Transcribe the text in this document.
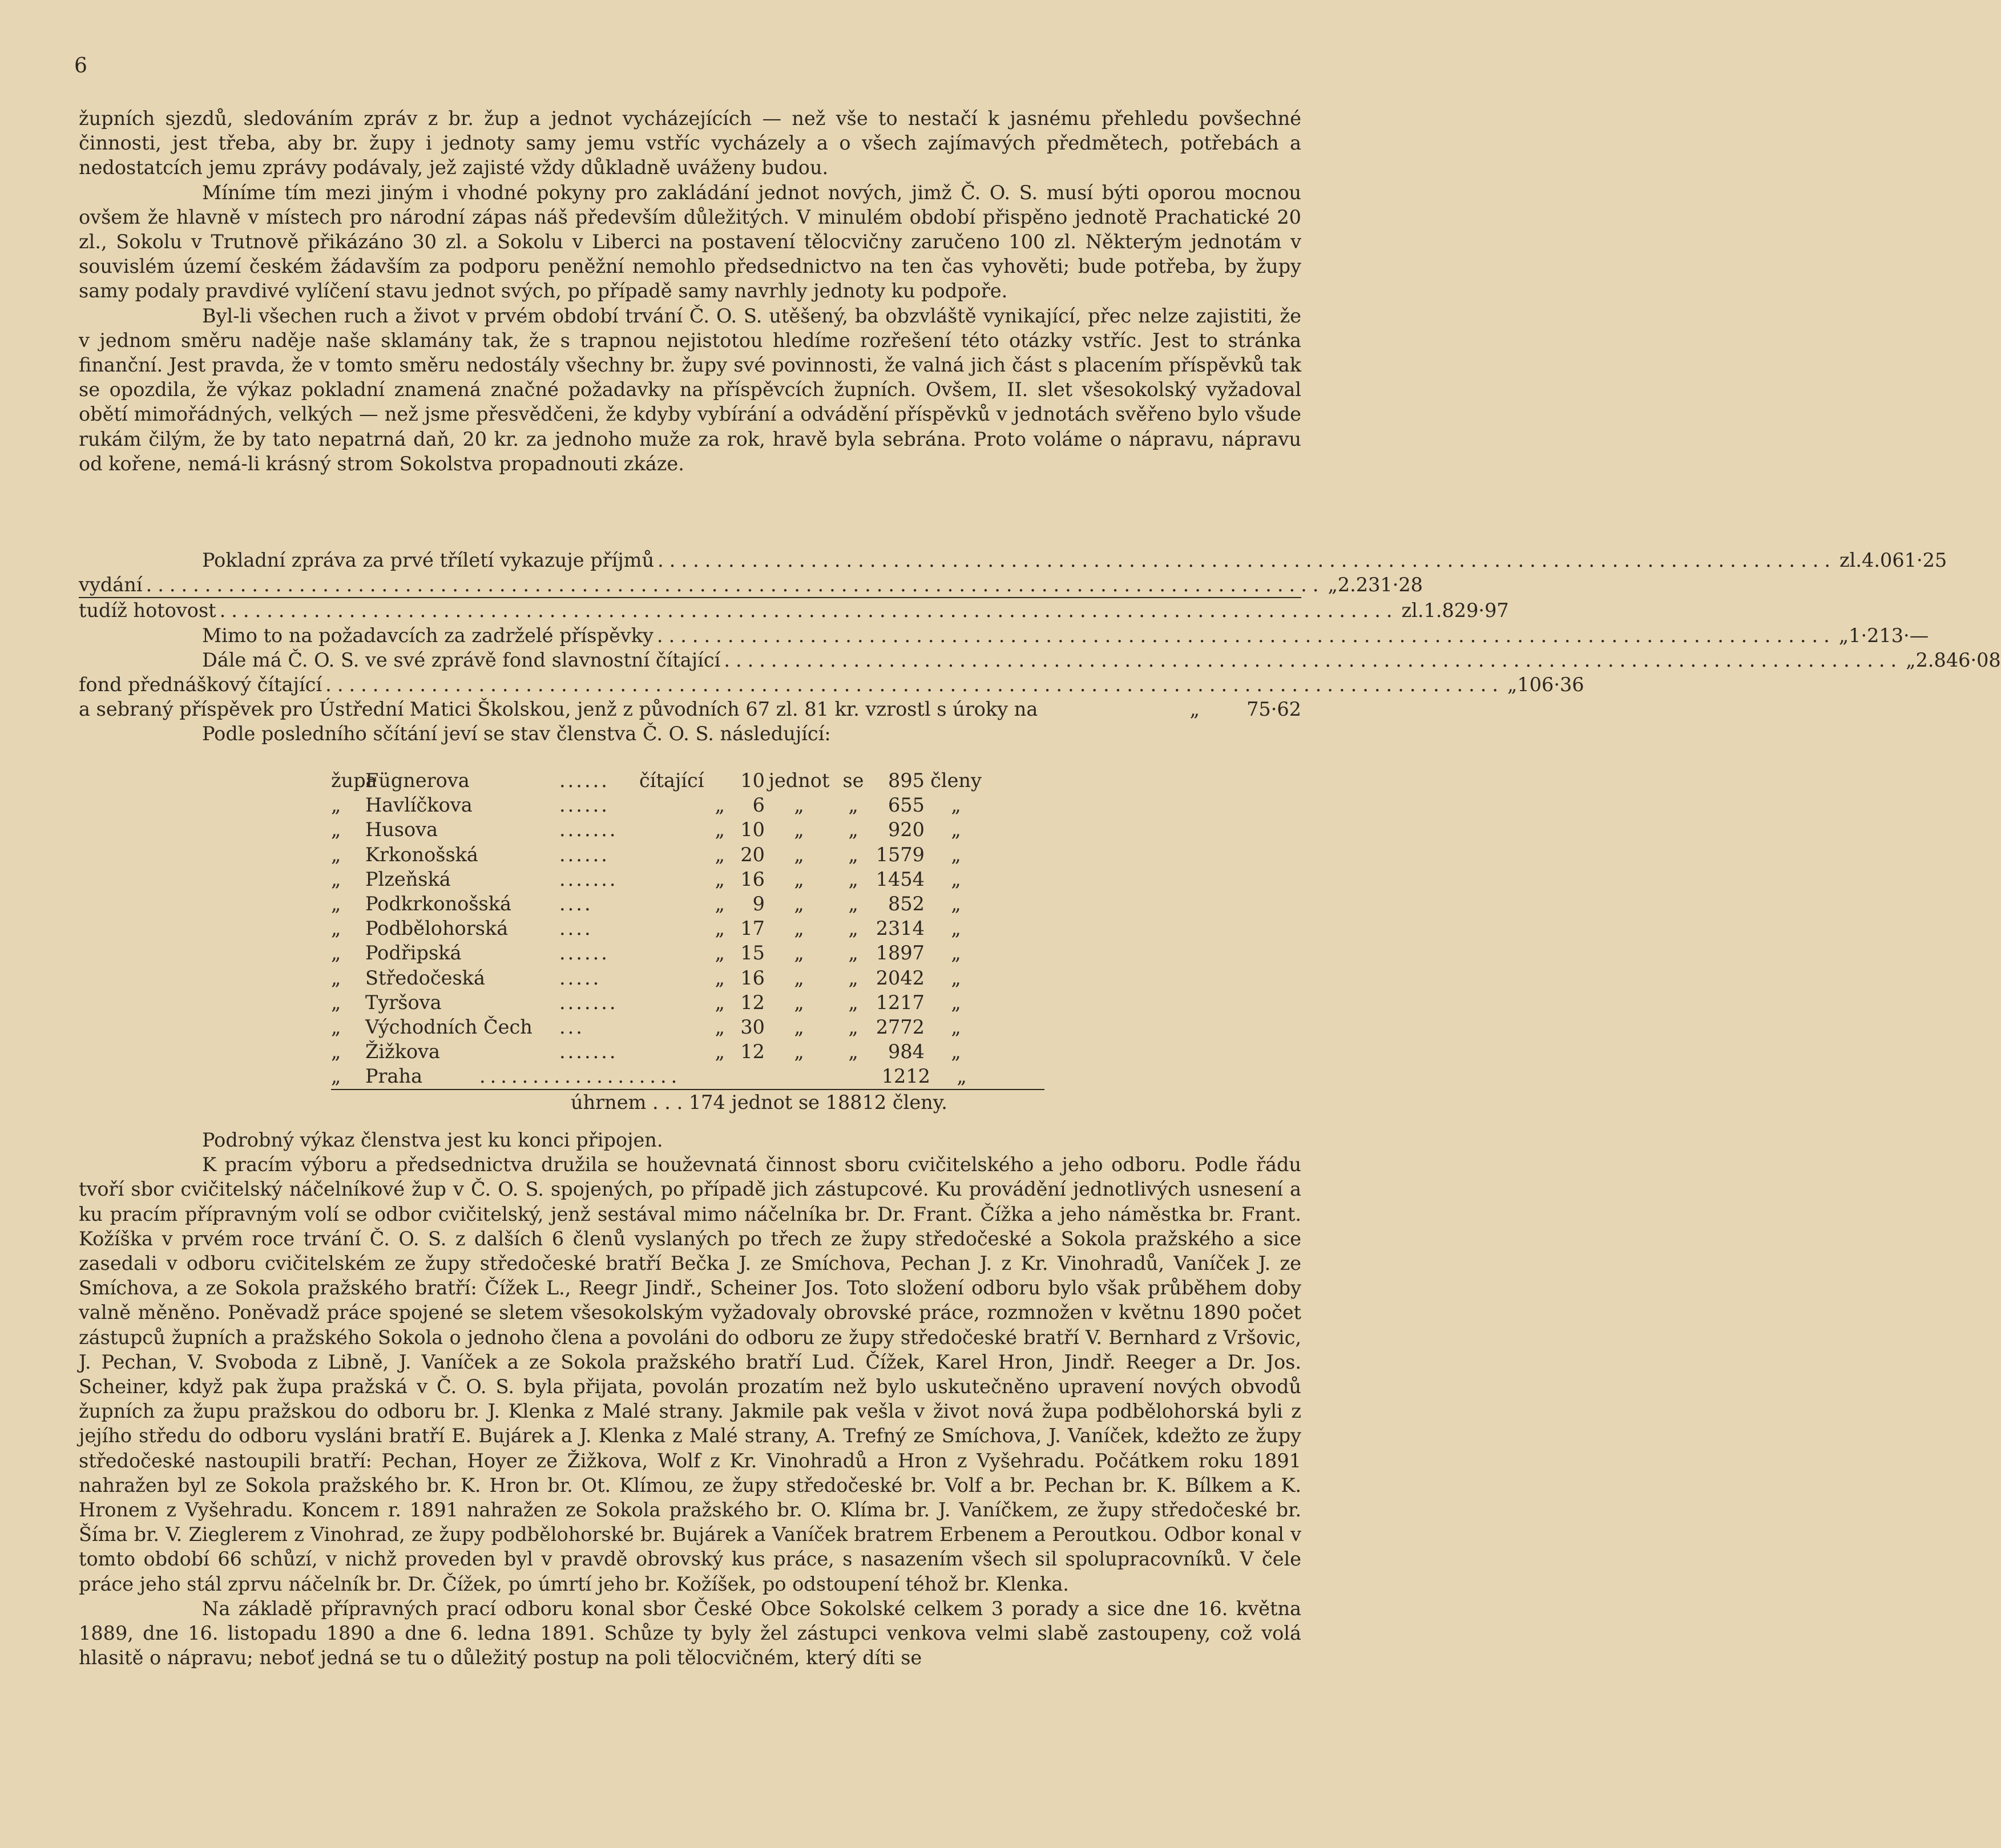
6

župních sjezdů, sledováním zpráv z br. žup a jednot vycházejících — než vše to nestačí k jasnému přehledu povšechné činnosti, jest třeba, aby br. župy i jednoty samy jemu vstříc vycházely a o všech zajímavých předmětech, potřebách a nedostatcích jemu zprávy podávaly, jež zajisté vždy důkladně uváženy budou.

Míníme tím mezi jiným i vhodné pokyny pro zakládání jednot nových, jimž Č. O. S. musí býti oporou mocnou ovšem že hlavně v místech pro národní zápas náš především důležitých. V minulém období přispěno jednotě Prachatické 20 zl., Sokolu v Trutnově přikázáno 30 zl. a Sokolu v Liberci na postavení tělocvičny zaručeno 100 zl. Některým jednotám v souvislém území českém žádavším za podporu peněžní nemohlo předsednictvo na ten čas vyhověti; bude potřeba, by župy samy podaly pravdivé vylíčení stavu jednot svých, po případě samy navrhly jednoty ku podpoře.

Byl-li všechen ruch a život v prvém období trvání Č. O. S. utěšený, ba obzvláště vynikající, přec nelze zajistiti, že v jednom směru naděje naše sklamány tak, že s trapnou nejistotou hledíme rozřešení této otázky vstříc. Jest to stránka finanční. Jest pravda, že v tomto směru nedostály všechny br. župy své povinnosti, že valná jich část s placením příspěvků tak se opozdila, že výkaz pokladní znamená značné požadavky na příspěvcích župních. Ovšem, II. slet všesokolský vyžadoval obětí mimořádných, velkých — než jsme přesvědčeni, že kdyby vybírání a odvádění příspěvků v jednotách svěřeno bylo všude rukám čilým, že by tato nepatrná daň, 20 kr. za jednoho muže za rok, hravě byla sebrána. Proto voláme o nápravu, nápravu od kořene, nemá-li krásný strom Sokolstva propadnouti zkáze.

Pokladní zpráva za prvé tříletí vykazuje příjmů .................................................................................................... zl. 4.061·25
vydání .................................................................................................... „ 2.231·28
tudíž hotovost .................................................................................................... zl. 1.829·97
Mimo to na požadavcích za zadrželé příspěvky .................................................................................................... „ 1·213·—
Dále má Č. O. S. ve své zprávě fond slavnostní čítající .................................................................................................... „ 2.846·08
fond přednáškový čítající .................................................................................................... „ 106·36
a sebraný příspěvek pro Ústřední Matici Školskou, jenž z původních 67 zl. 81 kr. vzrostl s úroky na	„	75·62
Podle posledního sčítání jeví se stav členstva Č. O. S. následující:
župa
Fügnerova	......	čítající	10 jednot se	895 členy
„	Havlíčkova	......	„	6	„	„	655	„
„	Husova	.......	„ 10	„	„	920	„
„	Krkonošská	......	„ 20	„	„ 1579	„
„	Plzeňská	.......	„ 16	„	„ 1454	„
„	Podkrkonošská	....	„	9	„	„	852	„
„	Podbělohorská	....	„ 17	„	„ 2314	„
„	Podřipská	......	„ 15	„	„ 1897	„
„	Středočeská	.....	„ 16	„	„ 2042	„
„	Tyršova	.......	„ 12	„	„ 1217	„
„	Východních Čech	...	„ 30	„	„ 2772	„
„	Žižkova	.......	„ 12	„	„	984	„
„	Praha	...................	1212	„
úhrnem . . . 174 jednot se 18812 členy.

Podrobný výkaz členstva jest ku konci připojen.

K pracím výboru a předsednictva družila se houževnatá činnost sboru cvičitelského a jeho odboru. Podle řádu tvoří sbor cvičitelský náčelníkové žup v Č. O. S. spojených, po případě jich zástupcové. Ku provádění jednotlivých usnesení a ku pracím přípravným volí se odbor cvičitelský, jenž sestával mimo náčelníka br. Dr. Frant. Čížka a jeho náměstka br. Frant. Kožíška v prvém roce trvání Č. O. S. z dalších 6 členů vyslaných po třech ze župy středočeské a Sokola pražského a sice zasedali v odboru cvičitelském ze župy středočeské bratří Bečka J. ze Smíchova, Pechan J. z Kr. Vinohradů, Vaníček J. ze Smíchova, a ze Sokola pražského bratří: Čížek L., Reegr Jindř., Scheiner Jos. Toto složení odboru bylo však průběhem doby valně měněno. Poněvadž práce spojené se sletem všesokolským vyžadovaly obrovské práce, rozmnožen v květnu 1890 počet zástupců župních a pražského Sokola o jednoho člena a povoláni do odboru ze župy středočeské bratří V. Bernhard z Vršovic, J. Pechan, V. Svoboda z Libně, J. Vaníček a ze Sokola pražského bratří Lud. Čížek, Karel Hron, Jindř. Reeger a Dr. Jos. Scheiner, když pak župa pražská v Č. O. S. byla přijata, povolán prozatím než bylo uskutečněno upravení nových obvodů župních za župu pražskou do odboru br. J. Klenka z Malé strany. Jakmile pak vešla v život nová župa podbělohorská byli z jejího středu do odboru vysláni bratří E. Bujárek a J. Klenka z Malé strany, A. Trefný ze Smíchova, J. Vaníček, kdežto ze župy středočeské nastoupili bratří: Pechan, Hoyer ze Žižkova, Wolf z Kr. Vinohradů a Hron z Vyšehradu. Počátkem roku 1891 nahražen byl ze Sokola pražského br. K. Hron br. Ot. Klímou, ze župy středočeské br. Volf a br. Pechan br. K. Bílkem a K. Hronem z Vyšehradu. Koncem r. 1891 nahražen ze Sokola pražského br. O. Klíma br. J. Vaníčkem, ze župy středočeské br. Šíma br. V. Zieglerem z Vinohrad, ze župy podbělohorské br. Bujárek a Vaníček bratrem Erbenem a Peroutkou. Odbor konal v tomto období 66 schůzí, v nichž proveden byl v pravdě obrovský kus práce, s nasazením všech sil spolupracovníků. V čele práce jeho stál zprvu náčelník br. Dr. Čížek, po úmrtí jeho br. Kožíšek, po odstoupení téhož br. Klenka.

Na základě přípravných prací odboru konal sbor České Obce Sokolské celkem 3 porady a sice dne 16. května 1889, dne 16. listopadu 1890 a dne 6. ledna 1891. Schůze ty byly žel zástupci venkova velmi slabě zastoupeny, což volá hlasitě o nápravu; neboť jedná se tu o důležitý postup na poli tělocvičném, který díti se
